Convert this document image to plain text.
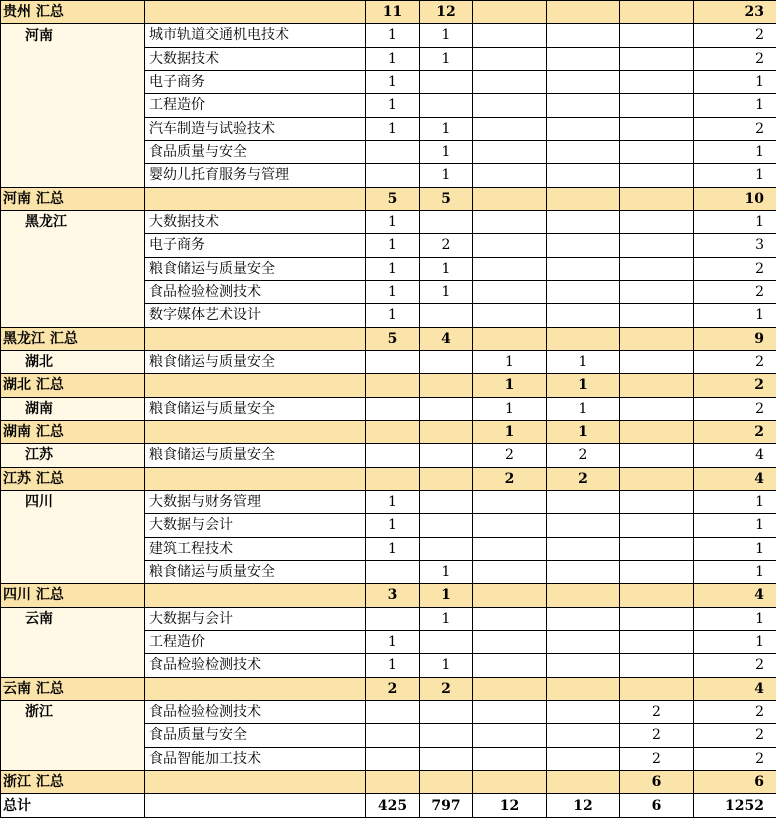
贵州 汇总		11	12				23
河南	城市轨道交通机电技术	1	1				2
	大数据技术	1	1				2
	电子商务	1					1
	工程造价	1					1
	汽车制造与试验技术	1	1				2
	食品质量与安全		1				1
	婴幼儿托育服务与管理		1				1
河南 汇总		5	5				10
黑龙江	大数据技术	1					1
	电子商务	1	2				3
	粮食储运与质量安全	1	1				2
	食品检验检测技术	1	1				2
	数字媒体艺术设计	1					1
黑龙江 汇总		5	4				9
湖北	粮食储运与质量安全			1	1		2
湖北 汇总				1	1		2
湖南	粮食储运与质量安全			1	1		2
湖南 汇总				1	1		2
江苏	粮食储运与质量安全			2	2		4
江苏 汇总				2	2		4
四川	大数据与财务管理	1					1
	大数据与会计	1					1
	建筑工程技术	1					1
	粮食储运与质量安全		1				1
四川 汇总		3	1				4
云南	大数据与会计		1				1
	工程造价	1					1
	食品检验检测技术	1	1				2
云南 汇总		2	2				4
浙江	食品检验检测技术					2	2
	食品质量与安全					2	2
	食品智能加工技术					2	2
浙江 汇总						6	6
总计		425	797	12	12	6	1252
